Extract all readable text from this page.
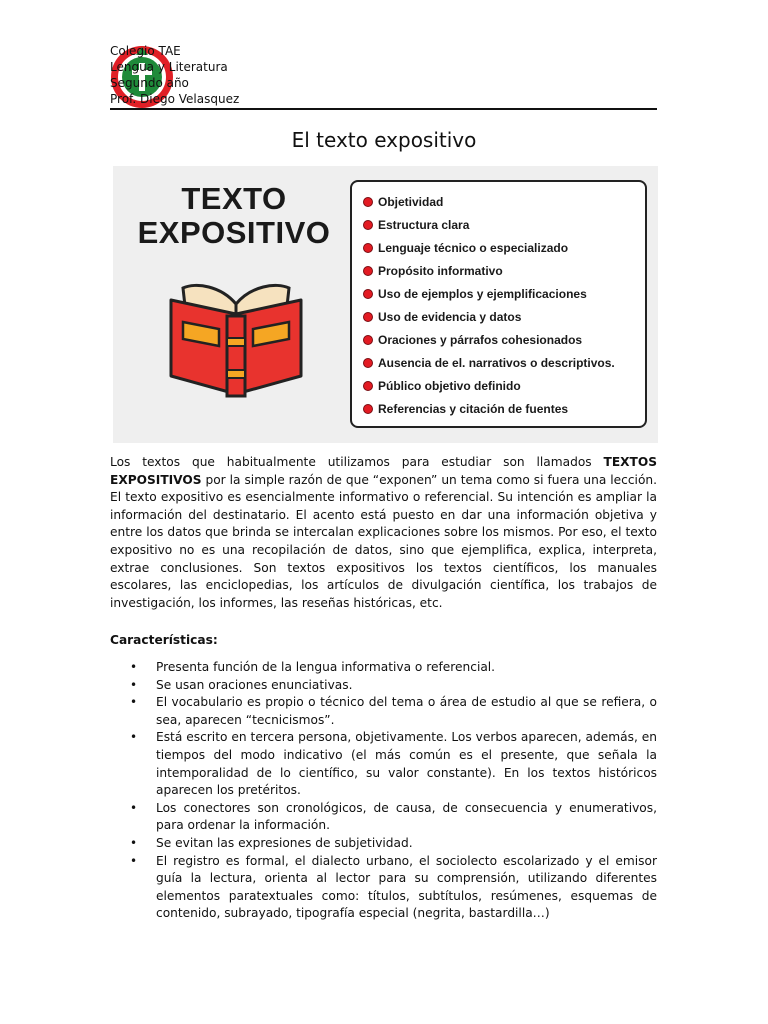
Colegio TAE
Lengua y Literatura
Segundo año
Prof. Diego Velasquez
El texto expositivo
TEXTO
EXPOSITIVO
Objetividad
Estructura clara
Lenguaje técnico o especializado
Propósito informativo
Uso de ejemplos y ejemplificaciones
Uso de evidencia y datos
Oraciones y párrafos cohesionados
Ausencia de el. narrativos o descriptivos.
Público objetivo definido
Referencias y citación de fuentes

Los textos que habitualmente utilizamos para estudiar son llamados TEXTOS EXPOSITIVOS por la simple razón de que “exponen” un tema como si fuera una lección. El texto expositivo es esencialmente informativo o referencial. Su intención es ampliar la información del destinatario. El acento está puesto en dar una información objetiva y entre los datos que brinda se intercalan explicaciones sobre los mismos. Por eso, el texto expositivo no es una recopilación de datos, sino que ejemplifica, explica, interpreta, extrae conclusiones. Son textos expositivos los textos científicos, los manuales escolares, las enciclopedias, los artículos de divulgación científica, los trabajos de investigación, los informes, las reseñas históricas, etc.

Características:
• Presenta función de la lengua informativa o referencial.
• Se usan oraciones enunciativas.
• El vocabulario es propio o técnico del tema o área de estudio al que se refiera, o sea, aparecen “tecnicismos”.
• Está escrito en tercera persona, objetivamente. Los verbos aparecen, además, en tiempos del modo indicativo (el más común es el presente, que señala la intemporalidad de lo científico, su valor constante). En los textos históricos aparecen los pretéritos.
• Los conectores son cronológicos, de causa, de consecuencia y enumerativos, para ordenar la información.
• Se evitan las expresiones de subjetividad.
• El registro es formal, el dialecto urbano, el sociolecto escolarizado y el emisor guía la lectura, orienta al lector para su comprensión, utilizando diferentes elementos paratextuales como: títulos, subtítulos, resúmenes, esquemas de contenido, subrayado, tipografía especial (negrita, bastardilla…)
